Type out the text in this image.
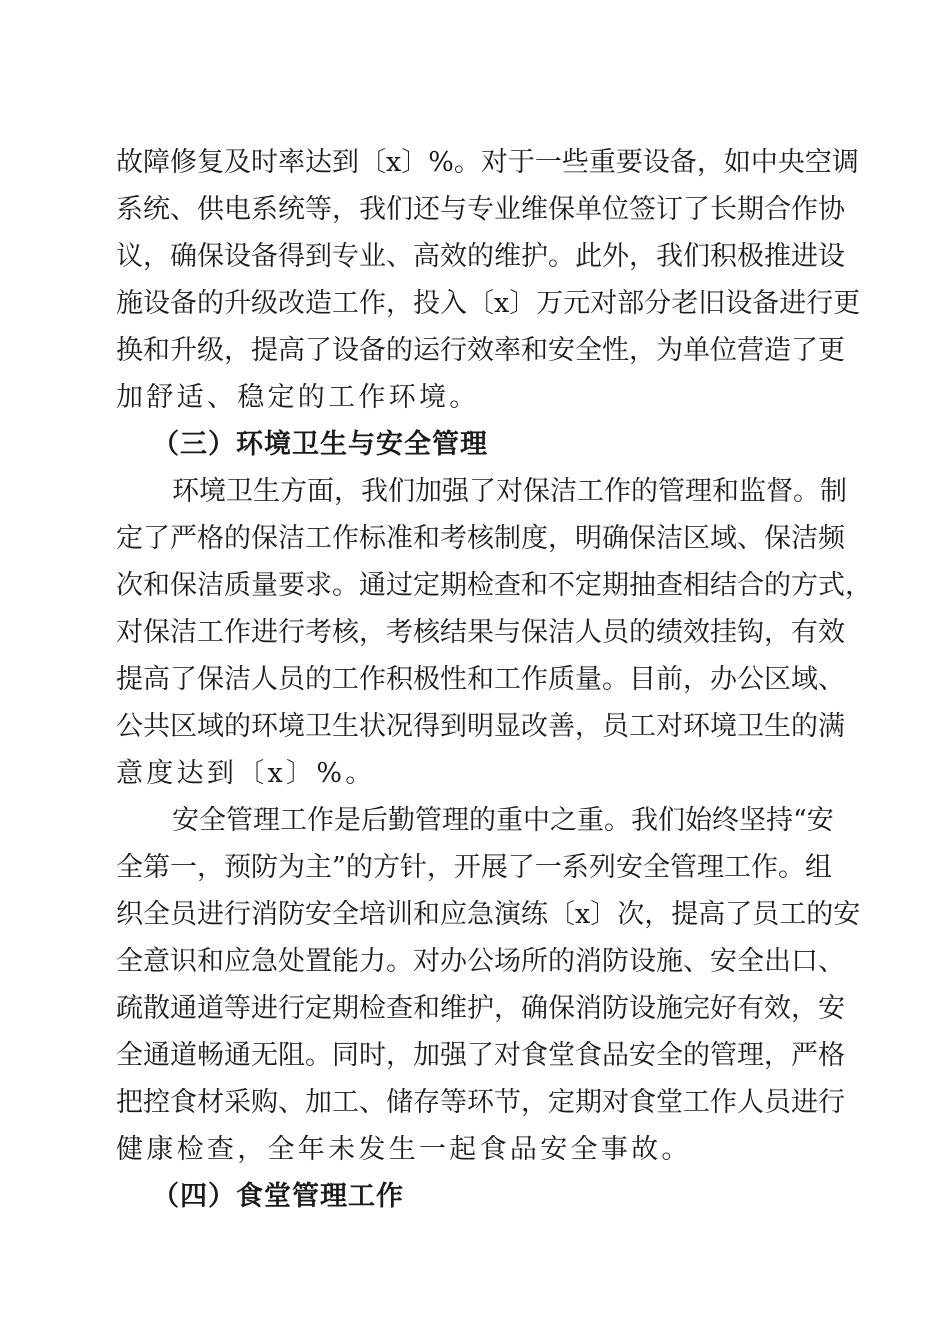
故障修复及时率达到〔x〕%。对于一些重要设备，如中央空调
系统、供电系统等，我们还与专业维保单位签订了长期合作协
议，确保设备得到专业、高效的维护。此外，我们积极推进设
施设备的升级改造工作，投入〔x〕万元对部分老旧设备进行更
换和升级，提高了设备的运行效率和安全性，为单位营造了更
加舒适、稳定的工作环境。
（三）环境卫生与安全管理
环境卫生方面，我们加强了对保洁工作的管理和监督。制
定了严格的保洁工作标准和考核制度，明确保洁区域、保洁频
次和保洁质量要求。通过定期检查和不定期抽查相结合的方式，
对保洁工作进行考核，考核结果与保洁人员的绩效挂钩，有效
提高了保洁人员的工作积极性和工作质量。目前，办公区域、
公共区域的环境卫生状况得到明显改善，员工对环境卫生的满
意度达到〔x〕%。
安全管理工作是后勤管理的重中之重。我们始终坚持“安
全第一，预防为主”的方针，开展了一系列安全管理工作。组
织全员进行消防安全培训和应急演练〔x〕次，提高了员工的安
全意识和应急处置能力。对办公场所的消防设施、安全出口、
疏散通道等进行定期检查和维护，确保消防设施完好有效，安
全通道畅通无阻。同时，加强了对食堂食品安全的管理，严格
把控食材采购、加工、储存等环节，定期对食堂工作人员进行
健康检查，全年未发生一起食品安全事故。
（四）食堂管理工作
